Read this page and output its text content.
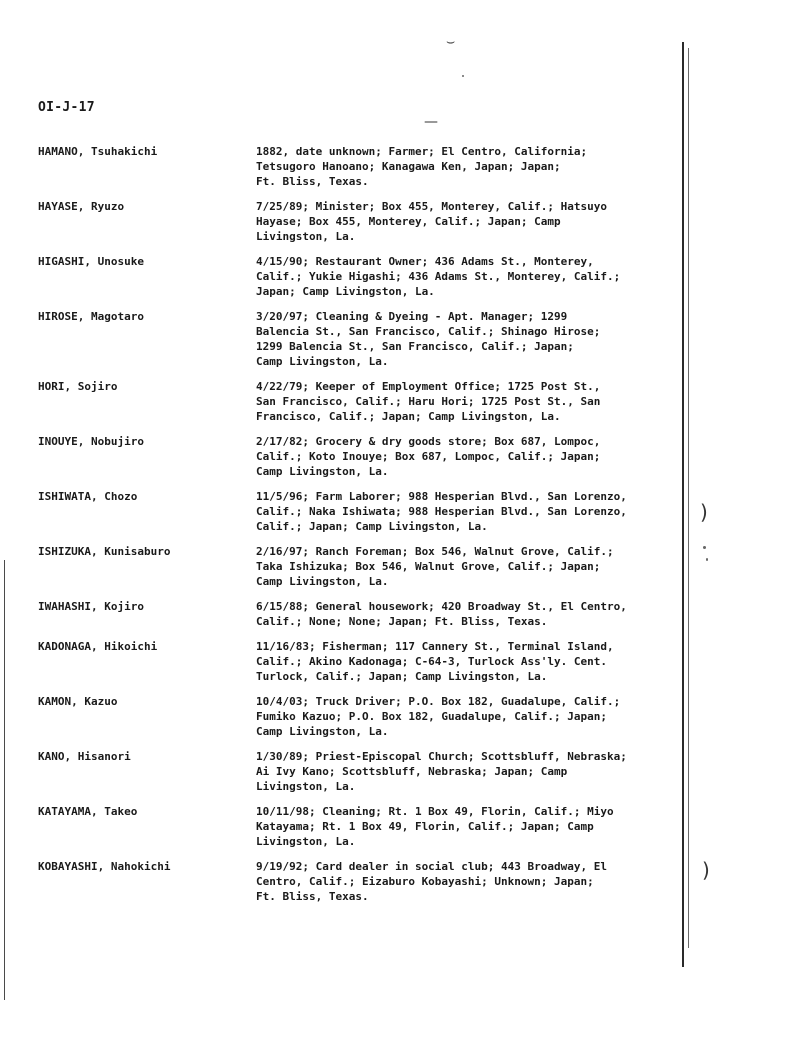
⌣
—
)
)
OI-J-17
HAMANO, Tsuhakichi	1882, date unknown; Farmer; El Centro, California;
Tetsugoro Hanoano; Kanagawa Ken, Japan; Japan;
Ft. Bliss, Texas.
HAYASE, Ryuzo	7/25/89; Minister; Box 455, Monterey, Calif.; Hatsuyo
Hayase; Box 455, Monterey, Calif.; Japan; Camp
Livingston, La.
HIGASHI, Unosuke	4/15/90; Restaurant Owner; 436 Adams St., Monterey,
Calif.; Yukie Higashi; 436 Adams St., Monterey, Calif.;
Japan; Camp Livingston, La.
HIROSE, Magotaro	3/20/97; Cleaning & Dyeing - Apt. Manager; 1299
Balencia St., San Francisco, Calif.; Shinago Hirose;
1299 Balencia St., San Francisco, Calif.; Japan;
Camp Livingston, La.
HORI, Sojiro	4/22/79; Keeper of Employment Office; 1725 Post St.,
San Francisco, Calif.; Haru Hori; 1725 Post St., San
Francisco, Calif.; Japan; Camp Livingston, La.
INOUYE, Nobujiro	2/17/82; Grocery & dry goods store; Box 687, Lompoc,
Calif.; Koto Inouye; Box 687, Lompoc, Calif.; Japan;
Camp Livingston, La.
ISHIWATA, Chozo	11/5/96; Farm Laborer; 988 Hesperian Blvd., San Lorenzo,
Calif.; Naka Ishiwata; 988 Hesperian Blvd., San Lorenzo,
Calif.; Japan; Camp Livingston, La.
ISHIZUKA, Kunisaburo	2/16/97; Ranch Foreman; Box 546, Walnut Grove, Calif.;
Taka Ishizuka; Box 546, Walnut Grove, Calif.; Japan;
Camp Livingston, La.
IWAHASHI, Kojiro	6/15/88; General housework; 420 Broadway St., El Centro,
Calif.; None; None; Japan; Ft. Bliss, Texas.
KADONAGA, Hikoichi	11/16/83; Fisherman; 117 Cannery St., Terminal Island,
Calif.; Akino Kadonaga; C-64-3, Turlock Ass'ly. Cent.
Turlock, Calif.; Japan; Camp Livingston, La.
KAMON, Kazuo	10/4/03; Truck Driver; P.O. Box 182, Guadalupe, Calif.;
Fumiko Kazuo; P.O. Box 182, Guadalupe, Calif.; Japan;
Camp Livingston, La.
KANO, Hisanori	1/30/89; Priest-Episcopal Church; Scottsbluff, Nebraska;
Ai Ivy Kano; Scottsbluff, Nebraska; Japan; Camp
Livingston, La.
KATAYAMA, Takeo	10/11/98; Cleaning; Rt. 1 Box 49, Florin, Calif.; Miyo
Katayama; Rt. 1 Box 49, Florin, Calif.; Japan; Camp
Livingston, La.
KOBAYASHI, Nahokichi	9/19/92; Card dealer in social club; 443 Broadway, El
Centro, Calif.; Eizaburo Kobayashi; Unknown; Japan;
Ft. Bliss, Texas.
